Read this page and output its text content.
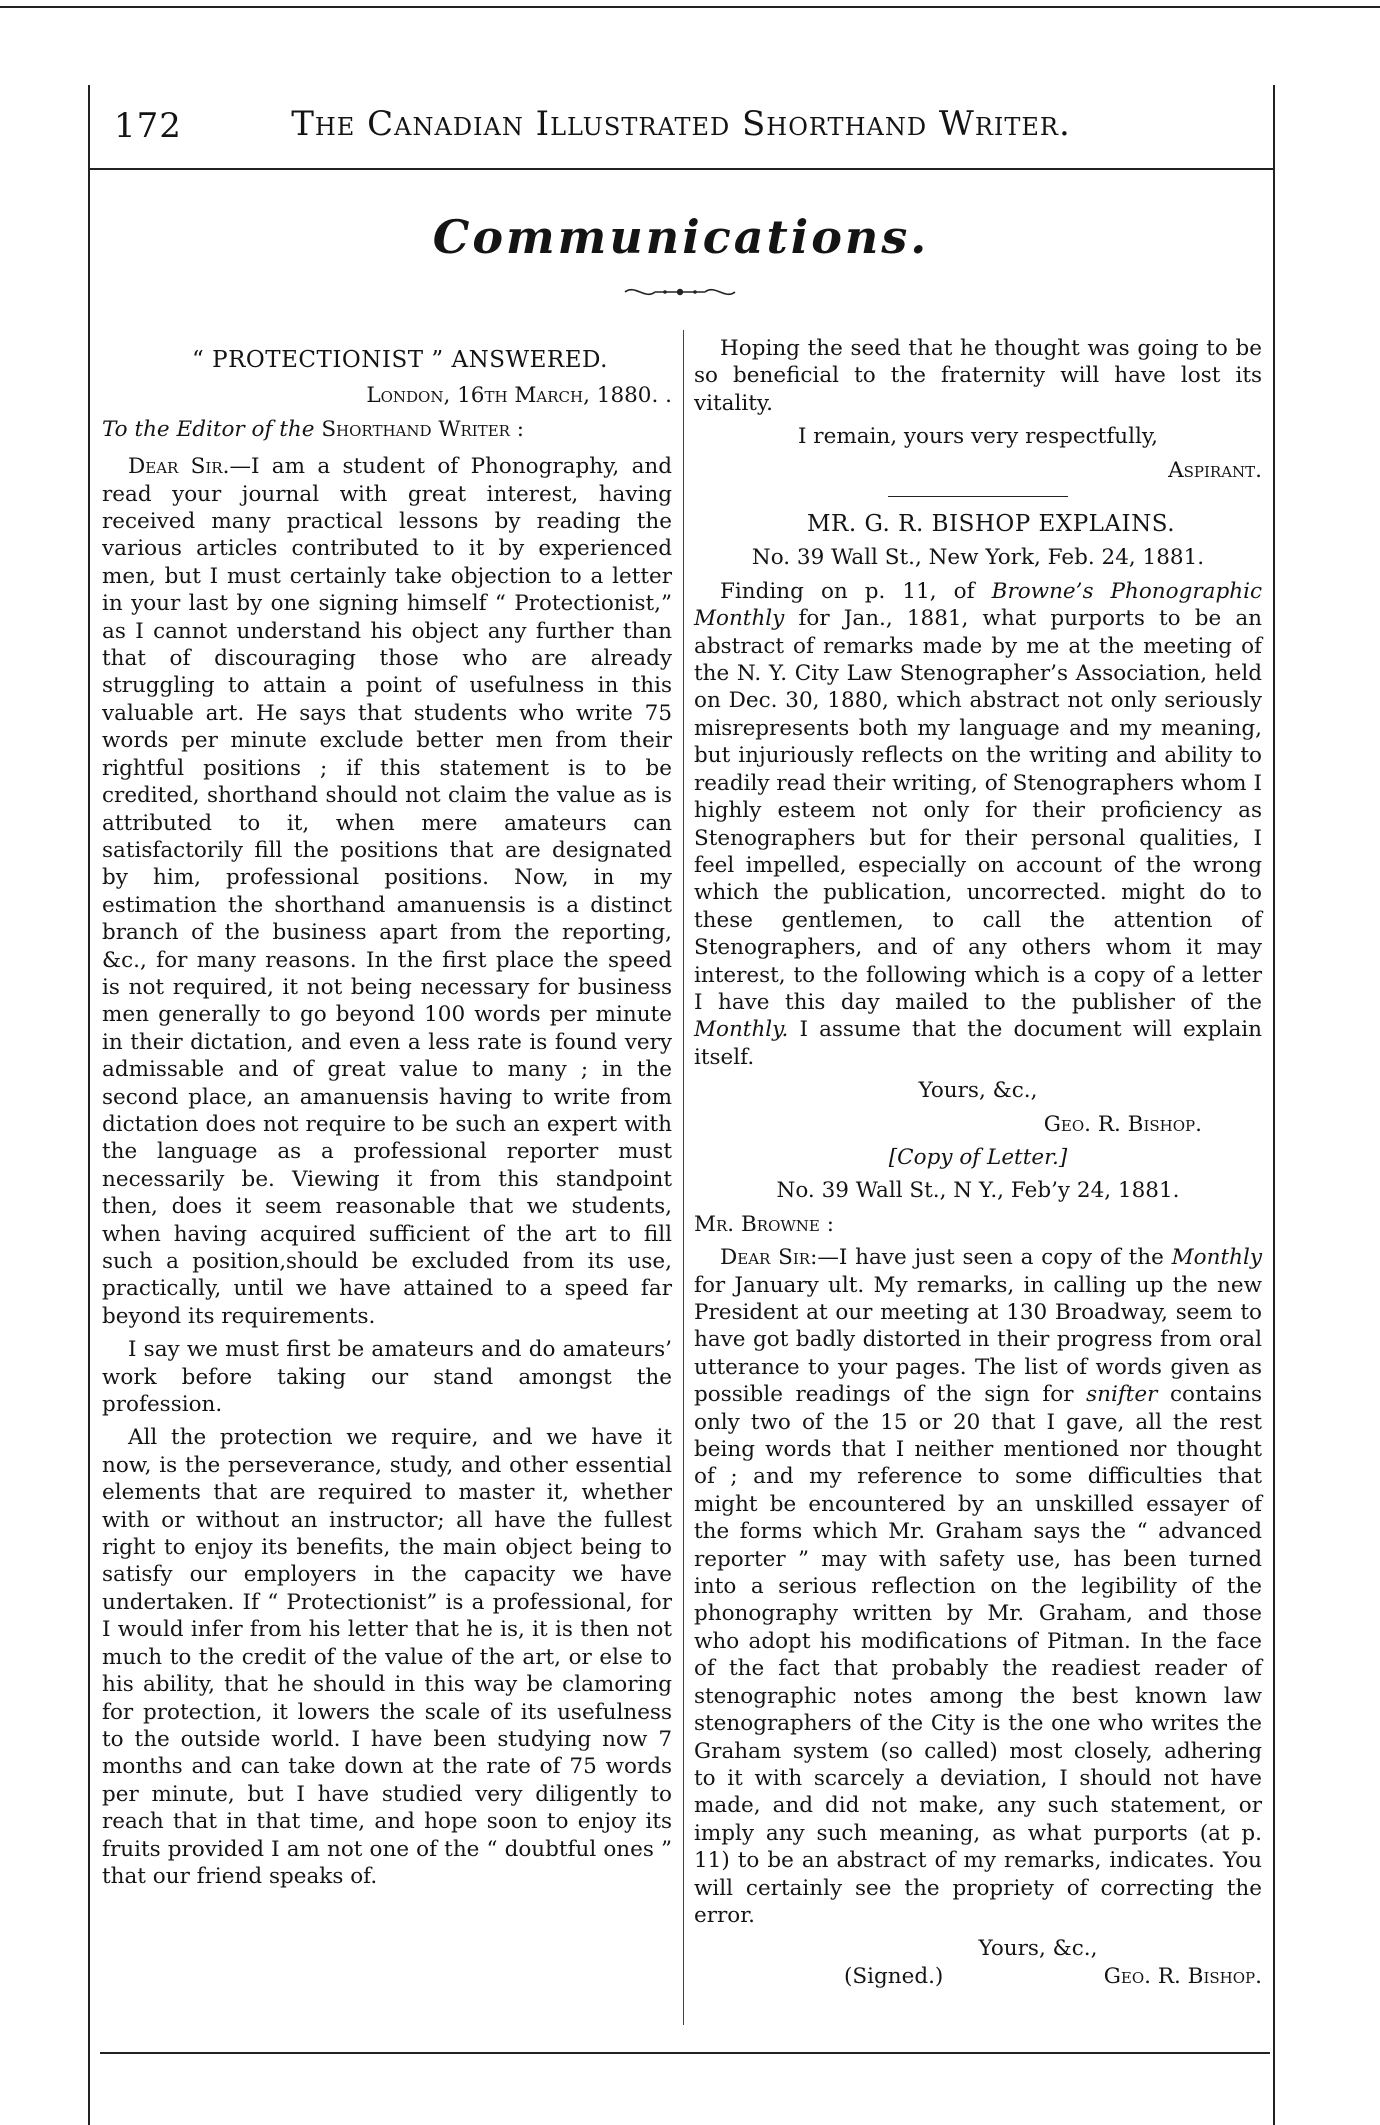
172	The Canadian Illustrated Shorthand Writer.
Communications.

“ PROTECTIONIST ” ANSWERED.

London, 16th March, 1880. .

To the Editor of the Shorthand Writer :

Dear Sir.—I am a student of Phonography, and read your journal with great interest, having received many practical lessons by reading the various articles contributed to it by experienced men, but I must certainly take objection to a letter in your last by one signing himself “ Protectionist,” as I cannot understand his object any further than that of discouraging those who are already struggling to attain a point of usefulness in this valuable art. He says that students who write 75 words per minute exclude better men from their rightful positions ; if this statement is to be credited, shorthand should not claim the value as is attributed to it, when mere amateurs can satisfactorily fill the positions that are designated by him, professional positions. Now, in my estimation the shorthand amanuensis is a distinct branch of the business apart from the reporting, &c., for many reasons. In the first place the speed is not required, it not being necessary for business men generally to go beyond 100 words per minute in their dictation, and even a less rate is found very admissable and of great value to many ; in the second place, an amanuensis having to write from dictation does not require to be such an expert with the language as a professional reporter must necessarily be. Viewing it from this standpoint then, does it seem reasonable that we students, when having acquired sufficient of the art to fill such a position,should be excluded from its use, practically, until we have attained to a speed far beyond its requirements.

I say we must first be amateurs and do amateurs’ work before taking our stand amongst the profession.

All the protection we require, and we have it now, is the perseverance, study, and other essential elements that are required to master it, whether with or without an instructor; all have the fullest right to enjoy its benefits, the main object being to satisfy our employers in the capacity we have undertaken. If “ Protectionist” is a professional, for I would infer from his letter that he is, it is then not much to the credit of the value of the art, or else to his ability, that he should in this way be clamoring for protection, it lowers the scale of its usefulness to the outside world. I have been studying now 7 months and can take down at the rate of 75 words per minute, but I have studied very diligently to reach that in that time, and hope soon to enjoy its fruits provided I am not one of the “ doubtful ones ” that our friend speaks of.

Hoping the seed that he thought was going to be so beneficial to the fraternity will have lost its vitality.

I remain, yours very respectfully,

Aspirant.

MR. G. R. BISHOP EXPLAINS.

No. 39 Wall St., New York, Feb. 24, 1881.

Finding on p. 11, of Browne’s Phonographic Monthly for Jan., 1881, what purports to be an abstract of remarks made by me at the meeting of the N. Y. City Law Stenographer’s Association, held on Dec. 30, 1880, which abstract not only seriously misrepresents both my language and my meaning, but injuriously reflects on the writing and ability to readily read their writing, of Stenographers whom I highly esteem not only for their proficiency as Stenographers but for their personal qualities, I feel impelled, especially on account of the wrong which the publication, uncorrected. might do to these gentlemen, to call the attention of Stenographers, and of any others whom it may interest, to the following which is a copy of a letter I have this day mailed to the publisher of the Monthly. I assume that the document will explain itself.

Yours, &c.,

Geo. R. Bishop.

[Copy of Letter.]

No. 39 Wall St., N Y., Feb’y 24, 1881.

Mr. Browne :

Dear Sir:—I have just seen a copy of the Monthly for January ult. My remarks, in calling up the new President at our meeting at 130 Broadway, seem to have got badly distorted in their progress from oral utterance to your pages. The list of words given as possible readings of the sign for snifter contains only two of the 15 or 20 that I gave, all the rest being words that I neither mentioned nor thought of ; and my reference to some difficulties that might be encountered by an unskilled essayer of the forms which Mr. Graham says the “ advanced reporter ” may with safety use, has been turned into a serious reflection on the legibility of the phonography written by Mr. Graham, and those who adopt his modifications of Pitman. In the face of the fact that probably the readiest reader of stenographic notes among the best known law stenographers of the City is the one who writes the Graham system (so called) most closely, adhering to it with scarcely a deviation, I should not have made, and did not make, any such statement, or imply any such meaning, as what purports (at p. 11) to be an abstract of my remarks, indicates. You will certainly see the propriety of correcting the error.

Yours, &c.,

(Signed.)	Geo. R. Bishop.
